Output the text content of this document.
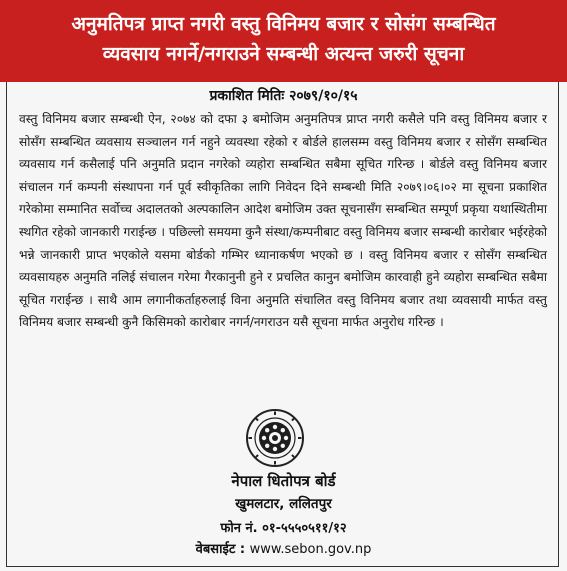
अनुमतिपत्र प्राप्त नगरी वस्तु विनिमय बजार र सोसंग सम्बन्धित
व्यवसाय नगर्ने/नगराउने सम्बन्धी अत्यन्त जरुरी सूचना
प्रकाशित मितिः २०७९/१०/१५
वस्तु विनिमय बजार सम्बन्धी ऐन, २०७४ को दफा ३ बमोजिम अनुमतिपत्र प्राप्त नगरी कसैले पनि वस्तु विनिमय बजार र सोसँग सम्बन्धित व्यवसाय सञ्चालन गर्न नहुने व्यवस्था रहेको र बोर्डले हालसम्म वस्तु विनिमय बजार र सोसँग सम्बन्धित व्यवसाय गर्न कसैलाई पनि अनुमति प्रदान नगरेको व्यहोरा सम्बन्धित सबैमा सूचित गरिन्छ । बोर्डले वस्तु विनिमय बजार संचालन गर्न कम्पनी संस्थापना गर्न पूर्व स्वीकृतिका लागि निवेदन दिने सम्बन्धी मिति २०७९।०६।०२ मा सूचना प्रकाशित गरेकोमा सम्मानित सर्वोच्च अदालतको अल्पकालिन आदेश बमोजिम उक्त सूचनासँग सम्बन्धित सम्पूर्ण प्रकृया यथास्थितीमा स्थगित रहेको जानकारी गराईन्छ । पछिल्लो समयमा कुनै संस्था/कम्पनीबाट वस्तु विनिमय बजार सम्बन्धी कारोबार भईरहेको भन्ने जानकारी प्राप्त भएकोले यसमा बोर्डको गम्भिर ध्यानाकर्षण भएको छ । वस्तु विनिमय बजार र सोसँग सम्बन्धित व्यवसायहरु अनुमति नलिई संचालन गरेमा गैरकानुनी हुने र प्रचलित कानुन बमोजिम कारवाही हुने व्यहोरा सम्बन्धित सबैमा सूचित गराईन्छ । साथै आम लगानीकर्ताहरुलाई विना अनुमति संचालित वस्तु विनिमय बजार तथा व्यवसायी मार्फत वस्तु विनिमय बजार सम्बन्धी कुनै किसिमको कारोबार नगर्न/नगराउन यसै सूचना मार्फत अनुरोध गरिन्छ ।
नेपाल धितोपत्र बोर्ड
खुमलटार, ललितपुर
फोन नं. ०१-५५५०५११/१२
वेबसाईट : www.sebon.gov.np
